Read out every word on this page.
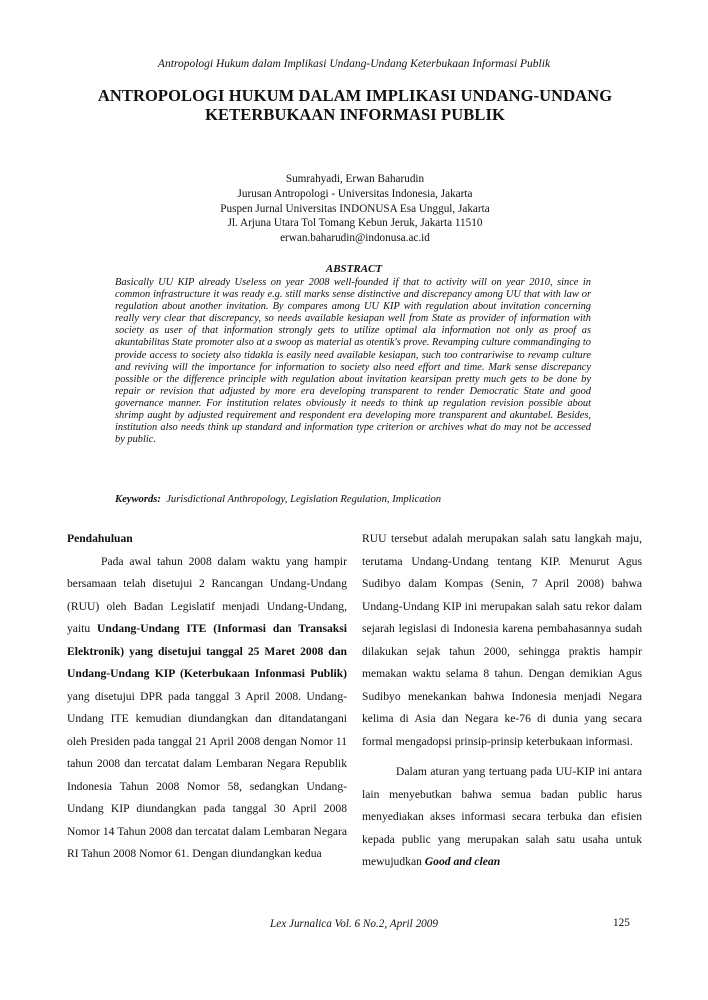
Antropologi Hukum dalam Implikasi Undang-Undang Keterbukaan Informasi Publik
ANTROPOLOGI HUKUM DALAM IMPLIKASI UNDANG-UNDANG
KETERBUKAAN INFORMASI PUBLIK
Sumrahyadi, Erwan Baharudin
Jurusan Antropologi - Universitas Indonesia, Jakarta
Puspen Jurnal Universitas INDONUSA Esa Unggul, Jakarta
Jl. Arjuna Utara Tol Tomang Kebun Jeruk, Jakarta 11510
erwan.baharudin@indonusa.ac.id
ABSTRACT
Basically UU KIP already Useless on year 2008 well-founded if that to activity will on year 2010, since in common infrastructure it was ready e.g. still marks sense distinctive and discrepancy among UU that with law or regulation about another invitation. By compares among UU KIP with regulation about invitation concerning really very clear that discrepancy, so needs available kesiapan well from State as provider of information with society as user of that information strongly gets to utilize optimal ala information not only as proof as akuntabilitas State promoter also at a swoop as material as otentik's prove. Revamping culture commandinging to provide access to society also tidakla is easily need available kesiapan, such too contrariwise to revamp culture and reviving will the importance for information to society also need effort and time. Mark sense discrepancy possible or the difference principle with regulation about invitation kearsipan pretty much gets to be done by repair or revision that adjusted by more era developing transparent to render Democratic State and good governance manner. For institution relates obviously it needs to think up regulation revision possible about shrimp aught by adjusted requirement and respondent era developing more transparent and akuntabel. Besides, institution also needs think up standard and information type criterion or archives what do may not be accessed by public.
Keywords: Jurisdictional Anthropology, Legislation Regulation, Implication
Pendahuluan

Pada awal tahun 2008 dalam waktu yang hampir bersamaan telah disetujui 2 Rancangan Undang-Undang (RUU) oleh Badan Legislatif menjadi Undang-Undang, yaitu Undang-Undang ITE (Informasi dan Transaksi Elektronik) yang disetujui tanggal 25 Maret 2008 dan Undang-Undang KIP (Keterbukaan Infonmasi Publik) yang disetujui DPR pada tanggal 3 April 2008. Undang-Undang ITE kemudian diundangkan dan ditandatangani oleh Presiden pada tanggal 21 April 2008 dengan Nomor 11 tahun 2008 dan tercatat dalam Lembaran Negara Republik Indonesia Tahun 2008 Nomor 58, sedangkan Undang-Undang KIP diundangkan pada tanggal 30 April 2008 Nomor 14 Tahun 2008 dan tercatat dalam Lembaran Negara RI Tahun 2008 Nomor 61. Dengan diundangkan kedua

RUU tersebut adalah merupakan salah satu langkah maju, terutama Undang-Undang tentang KIP. Menurut Agus Sudibyo dalam Kompas (Senin, 7 April 2008) bahwa Undang-Undang KIP ini merupakan salah satu rekor dalam sejarah legislasi di Indonesia karena pembahasannya sudah dilakukan sejak tahun 2000, sehingga praktis hampir memakan waktu selama 8 tahun. Dengan demikian Agus Sudibyo menekankan bahwa Indonesia menjadi Negara kelima di Asia dan Negara ke-76 di dunia yang secara formal mengadopsi prinsip-prinsip keterbukaan informasi.

Dalam aturan yang tertuang pada UU-KIP ini antara lain menyebutkan bahwa semua badan public harus menyediakan akses informasi secara terbuka dan efisien kepada public yang merupakan salah satu usaha untuk mewujudkan Good and clean

Lex Jurnalica Vol. 6 No.2, April 2009	125
